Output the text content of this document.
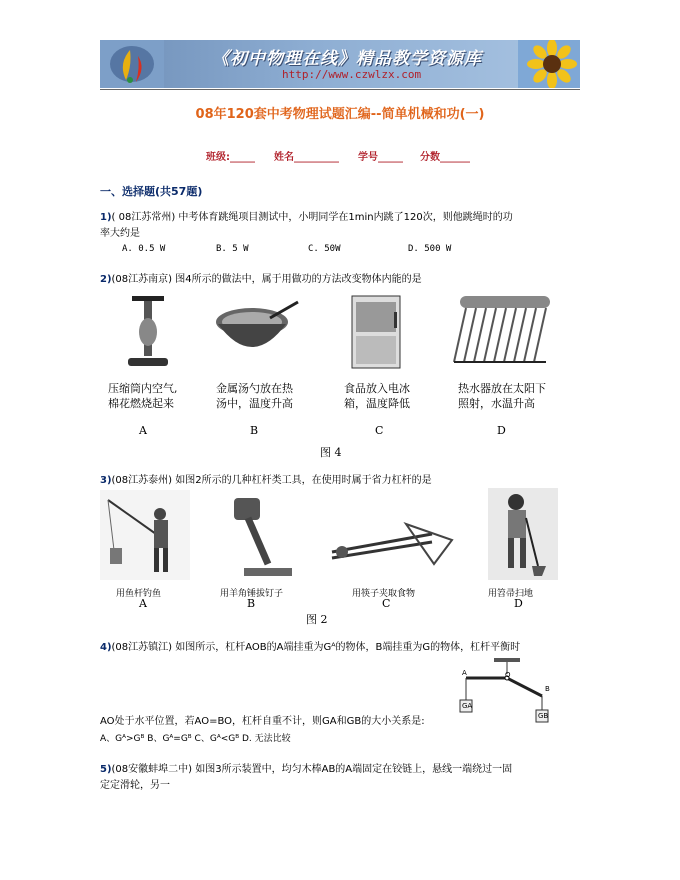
《初中物理在线》精品教学资源库
http://www.czwlzx.com
08年120套中考物理试题汇编--简单机械和功(一)
班级:_____ 姓名_________ 学号_____ 分数______
一、选择题(共57题)
1)( 08江苏常州) 中考体育跳绳项目测试中，小明同学在1min内跳了120次，则他跳绳时的功
率大约是
A. 0.5 W	B. 5 W	C. 50W	D. 500 W
2)(08江苏南京) 图4所示的做法中，属于用做功的方法改变物体内能的是
压缩筒内空气,
棉花燃烧起来
金属汤勺放在热
汤中，温度升高
食品放入电冰
箱，温度降低
热水器放在太阳下
照射，水温升高
A	B	C	D
图 4
3)(08江苏泰州) 如图2所示的几种杠杆类工具，在使用时属于省力杠杆的是
用鱼杆钓鱼	用羊角锤拔钉子	用筷子夹取食物	用笤帚扫地
A	B	C	D
图 2
4)(08江苏镇江) 如图所示，杠杆AOB的A端挂重为Gᴬ的物体，B端挂重为G的物体，杠杆平衡时
AO处于水平位置，若AO=BO，杠杆自重不计，则GA和GB的大小关系是:
A、Gᴬ>Gᴮ B、Gᴬ=Gᴮ C、Gᴬ<Gᴮ D. 无法比较
A	O
B
GA
GB
5)(08安徽蚌埠二中) 如图3所示装置中，均匀木棒AB的A端固定在铰链上，悬线一端绕过一固
定定滑轮，另一
